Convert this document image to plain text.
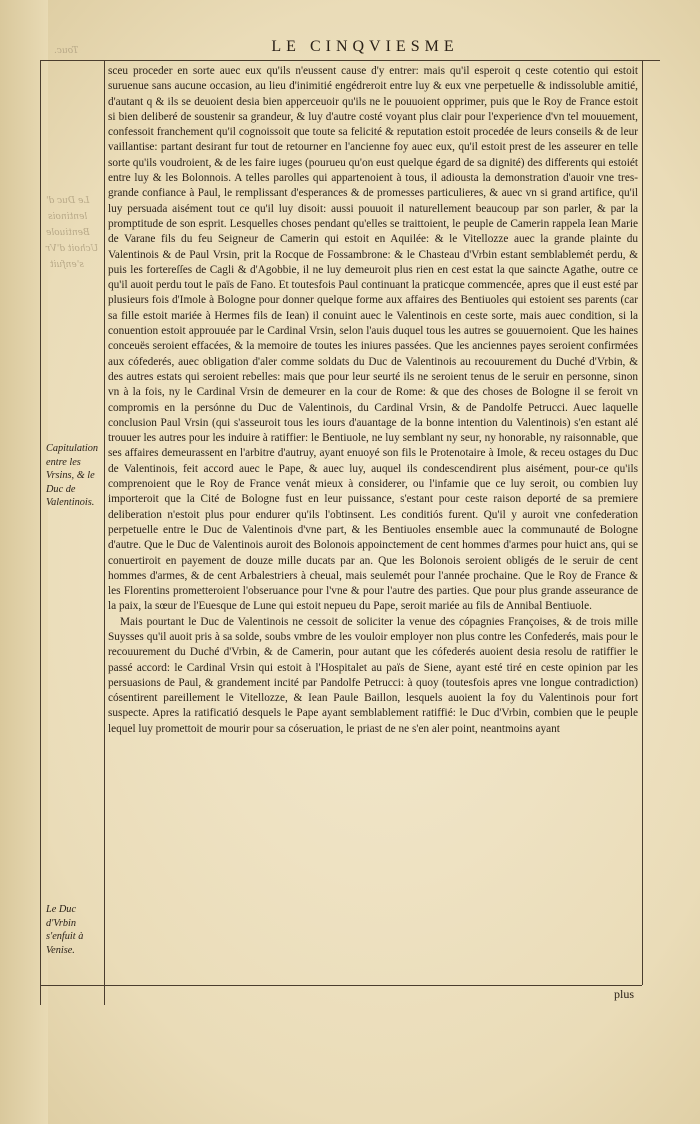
Touc.
Le Duc d'
lentinois
Bentiuole
Uchoit d'Vr
s'enfuit
LE CINQVIESME
Capitulation entre les Vrsins, & le Duc de Valentinois.
Le Duc d'Vrbin s'enfuit à Venise.

sceu proceder en sorte auec eux qu'ils n'eussent cause d'y entrer: mais qu'il esperoit q ceste cotentio qui estoit suruenue sans aucune occasion, au lieu d'inimitié engédreroit entre luy & eux vne perpetuelle & indissoluble amitié, d'autant q & ils se deuoient desia bien apperceuoir qu'ils ne le pouuoient opprimer, puis que le Roy de France estoit si bien deliberé de soustenir sa grandeur, & luy d'autre costé voyant plus clair pour l'experience d'vn tel mouuement, confessoit franchement qu'il cognoissoit que toute sa felicité & reputation estoit procedée de leurs conseils & de leur vaillantise: partant desirant fur tout de retourner en l'ancienne foy auec eux, qu'il estoit prest de les asseurer en telle sorte qu'ils voudroient, & de les faire iuges (pourueu qu'on eust quelque égard de sa dignité) des differents qui estoiét entre luy & les Bolonnois. A telles parolles qui appartenoient à tous, il adiousta la demonstration d'auoir vne tres-grande confiance à Paul, le remplissant d'esperances & de promesses particulieres, & auec vn si grand artifice, qu'il luy persuada aisément tout ce qu'il luy disoit: aussi pouuoit il naturellement beaucoup par son parler, & par la promptitude de son esprit. Lesquelles choses pendant qu'elles se traittoient, le peuple de Camerin rappela Iean Marie de Varane fils du feu Seigneur de Camerin qui estoit en Aquilée: & le Vitellozze auec la grande plainte du Valentinois & de Paul Vrsin, prit la Rocque de Fossambrone: & le Chasteau d'Vrbin estant semblablemét perdu, & puis les fortereſſes de Cagli & d'Agobbie, il ne luy demeuroit plus rien en cest estat la que saincte Agathe, outre ce qu'il auoit perdu tout le païs de Fano. Et toutesfois Paul continuant la praticque commencée, apres que il eust esté par plusieurs fois d'Imole à Bologne pour donner quelque forme aux affaires des Bentiuoles qui estoient ses parents (car sa fille estoit mariée à Hermes fils de Iean) il conuint auec le Valentinois en ceste sorte, mais auec condition, si la conuention estoit approuuée par le Cardinal Vrsin, selon l'auis duquel tous les autres se gouuernoient. Que les haines conceuës seroient effacées, & la memoire de toutes les iniures passées. Que les anciennes payes seroient confirmées aux cófederés, auec obligation d'aler comme soldats du Duc de Valentinois au recouurement du Duché d'Vrbin, & des autres estats qui seroient rebelles: mais que pour leur seurté ils ne seroient tenus de le seruir en personne, sinon vn à la fois, ny le Cardinal Vrsin de demeurer en la cour de Rome: & que des choses de Bologne il se feroit vn compromis en la persónne du Duc de Valentinois, du Cardinal Vrsin, & de Pandolfe Petrucci. Auec laquelle conclusion Paul Vrsin (qui s'asseuroit tous les iours d'auantage de la bonne intention du Valentinois) s'en estant alé trouuer les autres pour les induire à ratiffier: le Bentiuole, ne luy semblant ny seur, ny honorable, ny raisonnable, que ses affaires demeurassent en l'arbitre d'autruy, ayant enuoyé son fils le Protenotaire à Imole, & receu ostages du Duc de Valentinois, feit accord auec le Pape, & auec luy, auquel ils condescendirent plus aisément, pour-ce qu'ils comprenoient que le Roy de France venát mieux à considerer, ou l'infamie que ce luy seroit, ou combien luy importeroit que la Cité de Bologne fust en leur puissance, s'estant pour ceste raison deporté de sa premiere deliberation n'estoit plus pour endurer qu'ils l'obtinsent. Les conditiós furent. Qu'il y auroit vne confederation perpetuelle entre le Duc de Valentinois d'vne part, & les Bentiuoles ensemble auec la communauté de Bologne d'autre. Que le Duc de Valentinois auroit des Bolonois appoinctement de cent hommes d'armes pour huict ans, qui se conuertiroit en payement de douze mille ducats par an. Que les Bolonois seroient obligés de le seruir de cent hommes d'armes, & de cent Arbalestriers à cheual, mais seulemét pour l'année prochaine. Que le Roy de France & les Florentins prometteroient l'obseruance pour l'vne & pour l'autre des parties. Que pour plus grande asseurance de la paix, la sœur de l'Euesque de Lune qui estoit nepueu du Pape, seroit mariée au fils de Annibal Bentiuole.

Mais pourtant le Duc de Valentinois ne cessoit de soliciter la venue des cópagnies Françoises, & de trois mille Suysses qu'il auoit pris à sa solde, soubs vmbre de les vouloir employer non plus contre les Confederés, mais pour le recouurement du Duché d'Vrbin, & de Camerin, pour autant que les cófederés auoient desia resolu de ratiffier le passé accord: le Cardinal Vrsin qui estoit à l'Hospitalet au païs de Siene, ayant esté tiré en ceste opinion par les persuasions de Paul, & grandement incité par Pandolfe Petrucci: à quoy (toutesfois apres vne longue contradiction) cósentirent pareillement le Vitellozze, & Iean Paule Baillon, lesquels auoient la foy du Valentinois pour fort suspecte. Apres la ratificatió desquels le Pape ayant semblablement ratiffié: le Duc d'Vrbin, combien que le peuple lequel luy promettoit de mourir pour sa cóseruation, le priast de ne s'en aler point, neantmoins ayant

plus
